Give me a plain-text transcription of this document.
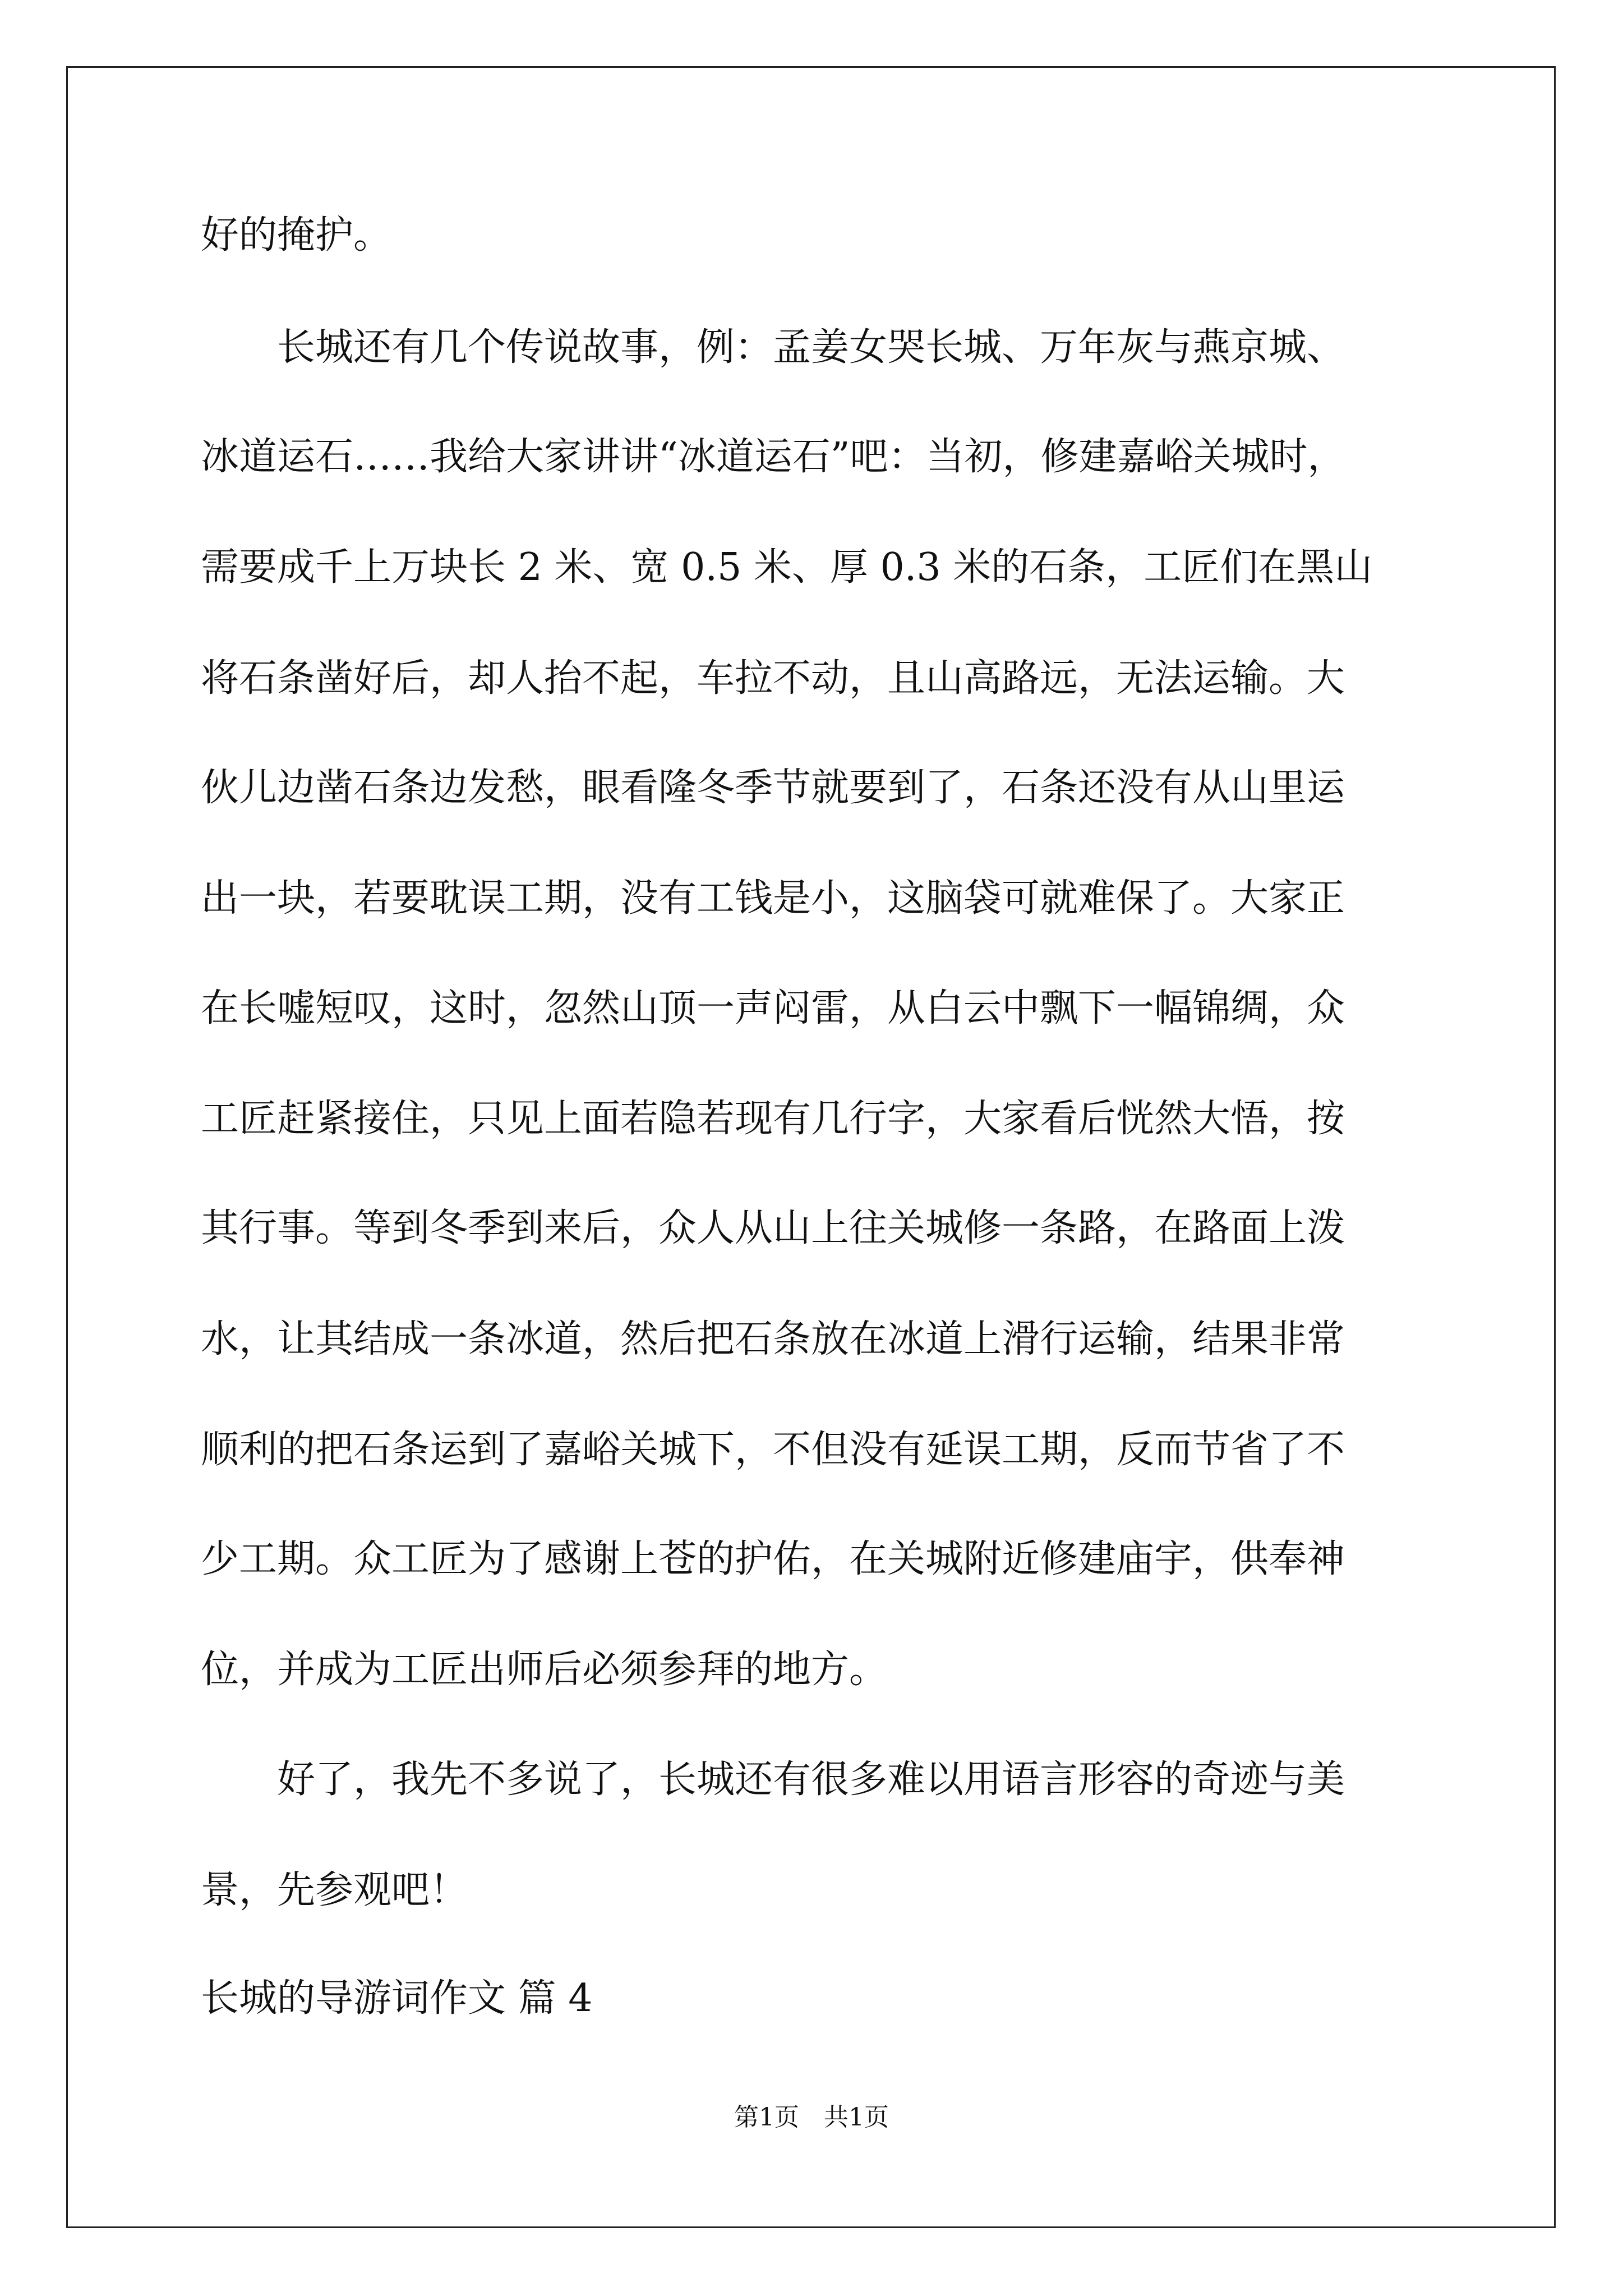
好的掩护。
　　长城还有几个传说故事，例：孟姜女哭长城、万年灰与燕京城、
冰道运石……我给大家讲讲“冰道运石”吧：当初，修建嘉峪关城时，
需要成千上万块长 2 米、宽 0.5 米、厚 0.3 米的石条，工匠们在黑山
将石条凿好后，却人抬不起，车拉不动，且山高路远，无法运输。大
伙儿边凿石条边发愁，眼看隆冬季节就要到了，石条还没有从山里运
出一块，若要耽误工期，没有工钱是小，这脑袋可就难保了。大家正
在长嘘短叹，这时，忽然山顶一声闷雷，从白云中飘下一幅锦绸，众
工匠赶紧接住，只见上面若隐若现有几行字，大家看后恍然大悟，按
其行事。等到冬季到来后，众人从山上往关城修一条路，在路面上泼
水，让其结成一条冰道，然后把石条放在冰道上滑行运输，结果非常
顺利的把石条运到了嘉峪关城下，不但没有延误工期，反而节省了不
少工期。众工匠为了感谢上苍的护佑，在关城附近修建庙宇，供奉神
位，并成为工匠出师后必须参拜的地方。
　　好了，我先不多说了，长城还有很多难以用语言形容的奇迹与美
景，先参观吧！
长城的导游词作文 篇 4
第1页　共1页
